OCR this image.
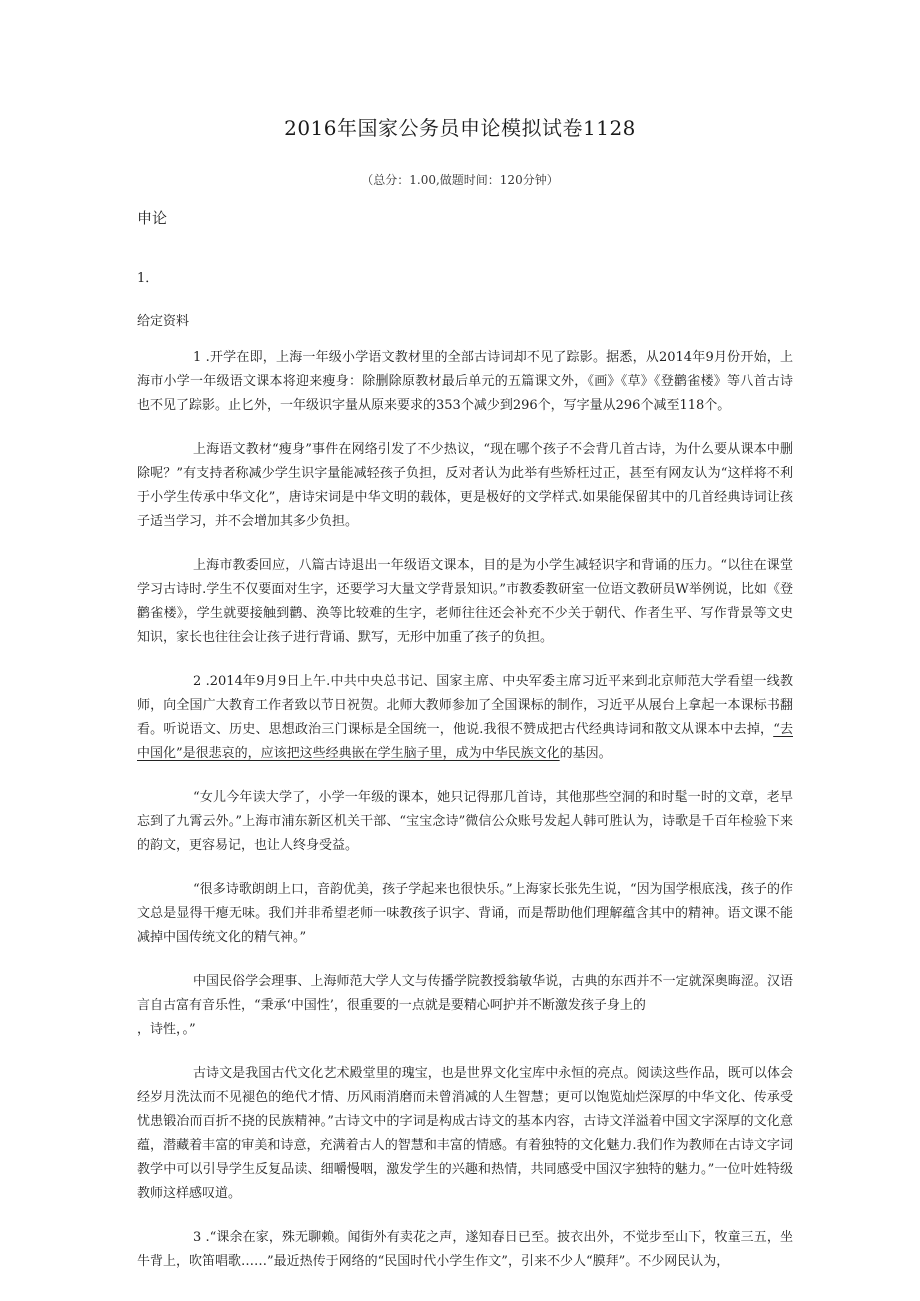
2016年国家公务员申论模拟试卷1128
（总分：1.00,做题时间：120分钟）
申论
1．
给定资料

1 .开学在即，上海一年级小学语文教材里的全部古诗词却不见了踪影。据悉，从2014年9月份开始，上海市小学一年级语文课本将迎来瘦身：除删除原教材最后单元的五篇课文外，《画》《草》《登鹳雀楼》等八首古诗也不见了踪影。止匕外，一年级识字量从原来要求的353个减少到296个，写字量从296个减至118个。

上海语文教材“瘦身”事件在网络引发了不少热议，“现在哪个孩子不会背几首古诗，为什么要从课本中删除呢？”有支持者称减少学生识字量能减轻孩子负担，反对者认为此举有些矫枉过正，甚至有网友认为“这样将不利于小学生传承中华文化”，唐诗宋词是中华文明的载体，更是极好的文学样式.如果能保留其中的几首经典诗词让孩子适当学习，并不会增加其多少负担。

上海市教委回应，八篇古诗退出一年级语文课本，目的是为小学生减轻识字和背诵的压力。“以往在课堂学习古诗时.学生不仅要面对生字，还要学习大量文学背景知识。”市教委教研室一位语文教研员W举例说，比如《登鹳雀楼》，学生就要接触到鹳、涣等比较难的生字，老师往往还会补充不少关于朝代、作者生平、写作背景等文史知识，家长也往往会让孩子进行背诵、默写，无形中加重了孩子的负担。

2 .2014年9月9日上午.中共中央总书记、国家主席、中央军委主席习近平来到北京师范大学看望一线教师，向全国广大教育工作者致以节日祝贺。北师大教师参加了全国课标的制作，习近平从展台上拿起一本课标书翻看。听说语文、历史、思想政治三门课标是全国统一，他说.我很不赞成把古代经典诗词和散文从课本中去掉，“去中国化”是很悲哀的，应该把这些经典嵌在学生脑子里，成为中华民族文化的基因。

“女儿今年读大学了，小学一年级的课本，她只记得那几首诗，其他那些空洞的和时髦一时的文章，老早忘到了九霄云外。”上海市浦东新区机关干部、“宝宝念诗”微信公众账号发起人韩可胜认为，诗歌是千百年检验下来的韵文，更容易记，也让人终身受益。

“很多诗歌朗朗上口，音韵优美，孩子学起来也很快乐。”上海家长张先生说，“因为国学根底浅，孩子的作文总是显得干瘪无味。我们并非希望老师一味教孩子识字、背诵，而是帮助他们理解蕴含其中的精神。语文课不能减掉中国传统文化的精气神。”

中国民俗学会理事、上海师范大学人文与传播学院教授翁敏华说，古典的东西并不一定就深奥晦涩。汉语言自古富有音乐性，“秉承‘中国性’，很重要的一点就是要精心呵护并不断激发孩子身上的
，诗性，。”

古诗文是我国古代文化艺术殿堂里的瑰宝，也是世界文化宝库中永恒的亮点。阅读这些作品，既可以体会经岁月洗汰而不见褪色的绝代才情、历风雨消磨而未曾消减的人生智慧；更可以饱览灿烂深厚的中华文化、传承受忧患锻冶而百折不挠的民族精神。”古诗文中的字词是构成古诗文的基本内容，古诗文洋溢着中国文字深厚的文化意蕴，潜藏着丰富的审美和诗意，充满着古人的智慧和丰富的情感。有着独特的文化魅力.我们作为教师在古诗文字词教学中可以引导学生反复品读、细嚼慢咽，激发学生的兴趣和热情，共同感受中国汉字独特的魅力。”一位叶姓特级教师这样感叹道。

3 .“课余在家，殊无聊赖。闻街外有卖花之声，遂知春日已至。披衣出外，不觉步至山下，牧童三五，坐牛背上，吹笛唱歌……”最近热传于网络的“民国时代小学生作文”，引来不少人“膜拜”。不少网民认为，
